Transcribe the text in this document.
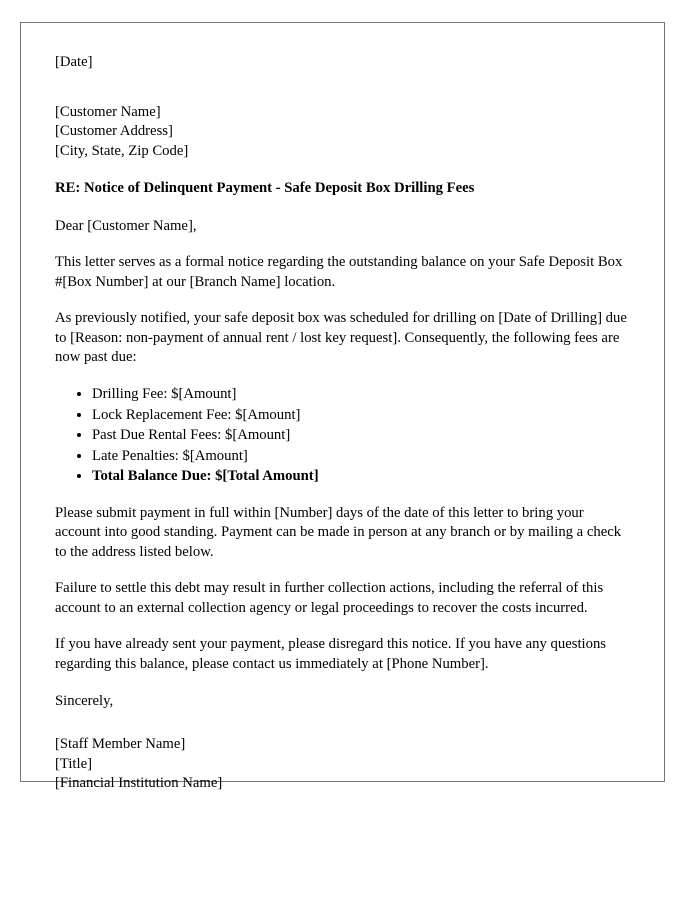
[Date]
[Customer Name]
[Customer Address]
[City, State, Zip Code]
RE: Notice of Delinquent Payment - Safe Deposit Box Drilling Fees

Dear [Customer Name],

This letter serves as a formal notice regarding the outstanding balance on your Safe Deposit Box #[Box Number] at our [Branch Name] location.

As previously notified, your safe deposit box was scheduled for drilling on [Date of Drilling] due to [Reason: non-payment of annual rent / lost key request]. Consequently, the following fees are now past due:

• Drilling Fee: $[Amount]
• Lock Replacement Fee: $[Amount]
• Past Due Rental Fees: $[Amount]
• Late Penalties: $[Amount]
• Total Balance Due: $[Total Amount]

Please submit payment in full within [Number] days of the date of this letter to bring your account into good standing. Payment can be made in person at any branch or by mailing a check to the address listed below.

Failure to settle this debt may result in further collection actions, including the referral of this account to an external collection agency or legal proceedings to recover the costs incurred.

If you have already sent your payment, please disregard this notice. If you have any questions regarding this balance, please contact us immediately at [Phone Number].

Sincerely,

[Staff Member Name]
[Title]
[Financial Institution Name]
